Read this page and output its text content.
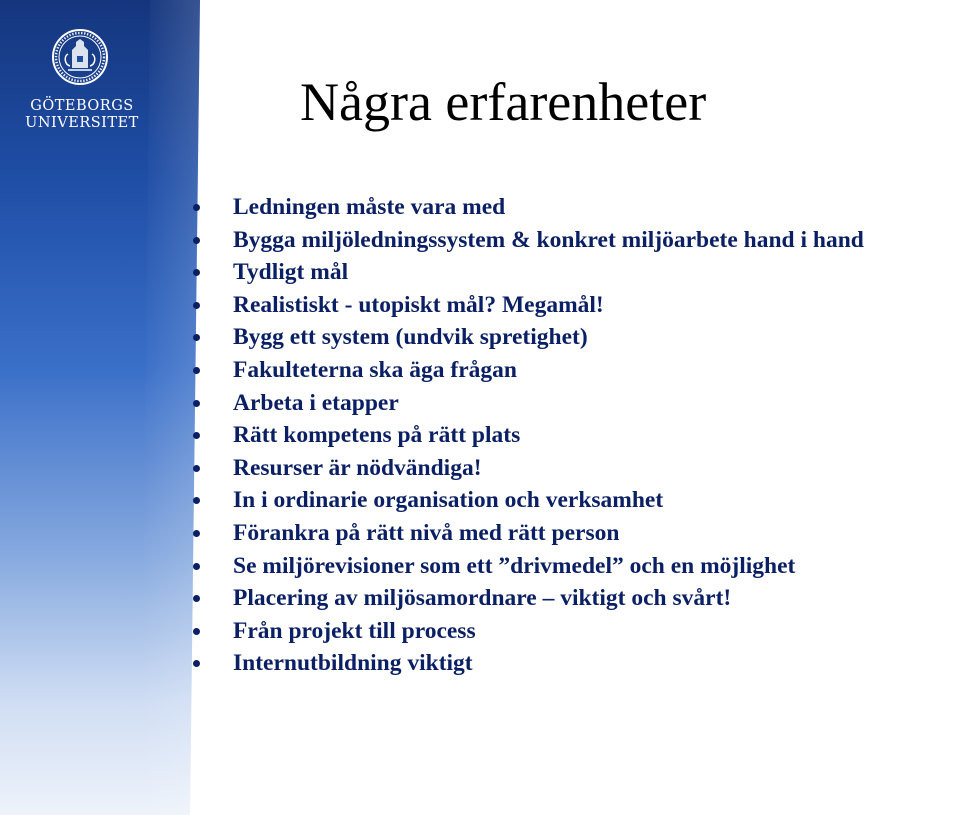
GÖTEBORGS
UNIVERSITET	Några erfarenheter
Ledningen måste vara med
Bygga miljöledningssystem & konkret miljöarbete hand i hand
Tydligt mål
Realistiskt - utopiskt mål? Megamål!
Bygg ett system (undvik spretighet)
Fakulteterna ska äga frågan
Arbeta i etapper
Rätt kompetens på rätt plats
Resurser är nödvändiga!
In i ordinarie organisation och verksamhet
Förankra på rätt nivå med rätt person
Se miljörevisioner som ett ”drivmedel” och en möjlighet
Placering av miljösamordnare – viktigt och svårt!
Från projekt till process
Internutbildning viktigt
